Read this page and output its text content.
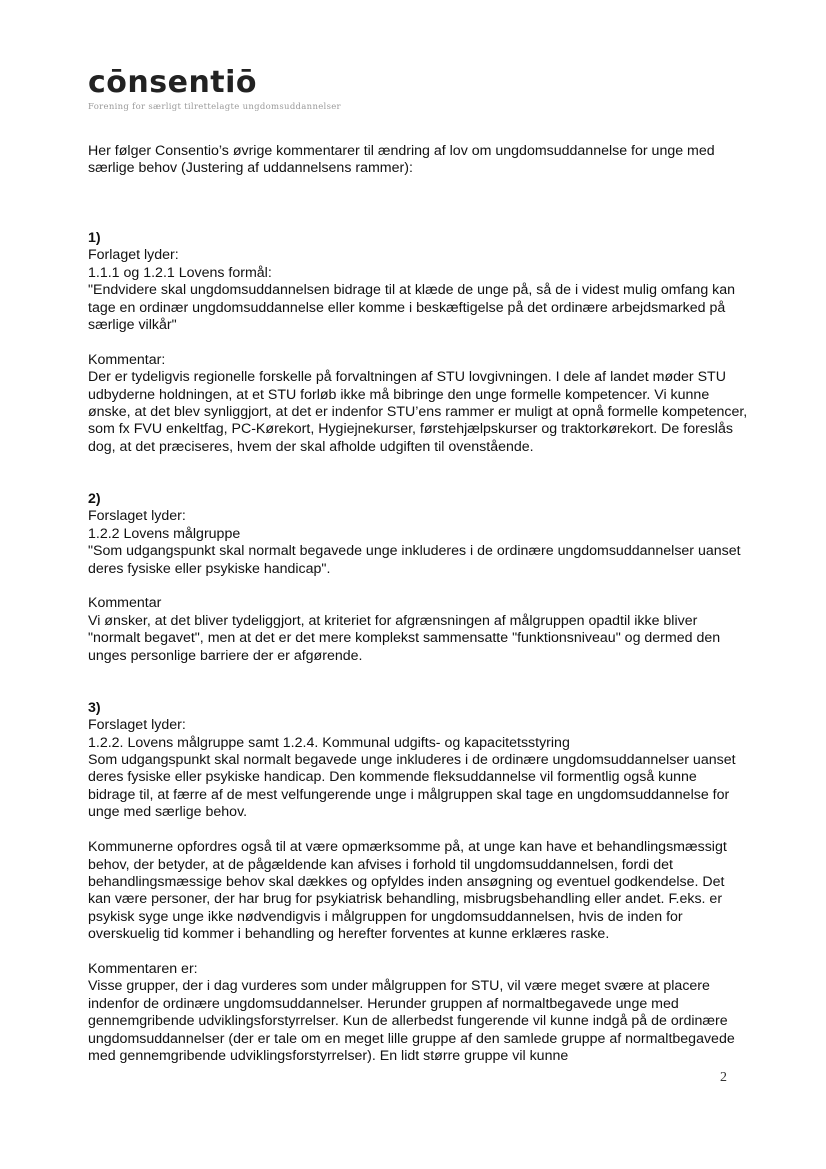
cōnsentiō
Forening for særligt tilrettelagte ungdomsuddannelser

Her følger Consentio’s øvrige kommentarer til ændring af lov om ungdomsuddannelse for unge med særlige behov (Justering af uddannelsens rammer):

1)

Forlaget lyder:

1.1.1 og 1.2.1 Lovens formål:

"Endvidere skal ungdomsuddannelsen bidrage til at klæde de unge på, så de i videst mulig omfang kan tage en ordinær ungdomsuddannelse eller komme i beskæftigelse på det ordinære arbejdsmarked på særlige vilkår"

Kommentar:

Der er tydeligvis regionelle forskelle på forvaltningen af STU lovgivningen. I dele af landet møder STU udbyderne holdningen, at et STU forløb ikke må bibringe den unge formelle kompetencer. Vi kunne ønske, at det blev synliggjort, at det er indenfor STU’ens rammer er muligt at opnå formelle kompetencer, som fx FVU enkeltfag, PC-Kørekort, Hygiejnekurser, førstehjælpskurser og traktorkørekort. De foreslås dog, at det præciseres, hvem der skal afholde udgiften til ovenstående.

2)

Forslaget lyder:

1.2.2 Lovens målgruppe

"Som udgangspunkt skal normalt begavede unge inkluderes i de ordinære ungdomsuddannelser uanset deres fysiske eller psykiske handicap".

Kommentar

Vi ønsker, at det bliver tydeliggjort, at kriteriet for afgrænsningen af målgruppen opadtil ikke bliver "normalt begavet", men at det er det mere komplekst sammensatte "funktionsniveau" og dermed den unges personlige barriere der er afgørende.

3)

Forslaget lyder:

1.2.2. Lovens målgruppe samt 1.2.4. Kommunal udgifts- og kapacitetsstyring

Som udgangspunkt skal normalt begavede unge inkluderes i de ordinære ungdomsuddannelser uanset deres fysiske eller psykiske handicap. Den kommende fleksuddannelse vil formentlig også kunne bidrage til, at færre af de mest velfungerende unge i målgruppen skal tage en ungdomsuddannelse for unge med særlige behov.

Kommunerne opfordres også til at være opmærksomme på, at unge kan have et behandlingsmæssigt behov, der betyder, at de pågældende kan afvises i forhold til ungdomsuddannelsen, fordi det behandlingsmæssige behov skal dækkes og opfyldes inden ansøgning og eventuel godkendelse. Det kan være personer, der har brug for psykiatrisk behandling, misbrugsbehandling eller andet. F.eks. er psykisk syge unge ikke nødvendigvis i målgruppen for ungdomsuddannelsen, hvis de inden for overskuelig tid kommer i behandling og herefter forventes at kunne erklæres raske.

Kommentaren er:

Visse grupper, der i dag vurderes som under målgruppen for STU, vil være meget svære at placere indenfor de ordinære ungdomsuddannelser. Herunder gruppen af normaltbegavede unge med gennemgribende udviklingsforstyrrelser. Kun de allerbedst fungerende vil kunne indgå på de ordinære ungdomsuddannelser (der er tale om en meget lille gruppe af den samlede gruppe af normaltbegavede med gennemgribende udviklingsforstyrrelser). En lidt større gruppe vil kunne

2
